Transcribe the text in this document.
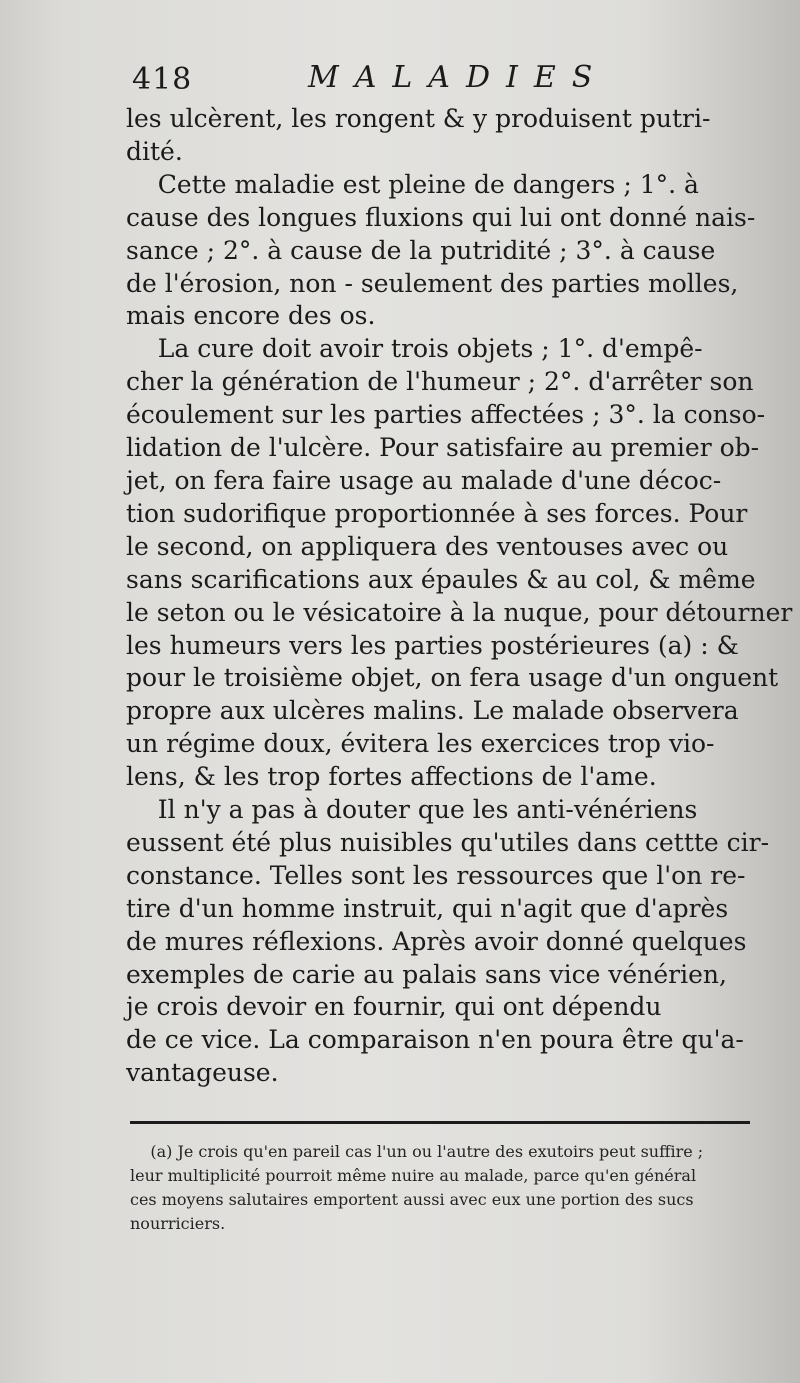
418	MALADIES
les ulcèrent, les rongent & y produisent putri-
dité.
Cette maladie est pleine de dangers ; 1°. à
cause des longues fluxions qui lui ont donné nais-
sance ; 2°. à cause de la putridité ; 3°. à cause
de l'érosion, non - seulement des parties molles,
mais encore des os.
La cure doit avoir trois objets ; 1°. d'empê-
cher la génération de l'humeur ; 2°. d'arrêter son
écoulement sur les parties affectées ; 3°. la conso-
lidation de l'ulcère. Pour satisfaire au premier ob-
jet, on fera faire usage au malade d'une décoc-
tion sudorifique proportionnée à ses forces. Pour
le second, on appliquera des ventouses avec ou
sans scarifications aux épaules & au col, & même
le seton ou le vésicatoire à la nuque, pour détourner
les humeurs vers les parties postérieures (a) : &
pour le troisième objet, on fera usage d'un onguent
propre aux ulcères malins. Le malade observera
un régime doux, évitera les exercices trop vio-
lens, & les trop fortes affections de l'ame.
Il n'y a pas à douter que les anti-vénériens
eussent été plus nuisibles qu'utiles dans cettte cir-
constance. Telles sont les ressources que l'on re-
tire d'un homme instruit, qui n'agit que d'après
de mures réflexions. Après avoir donné quelques
exemples de carie au palais sans vice vénérien,
je crois devoir en fournir, qui ont dépendu
de ce vice. La comparaison n'en poura être qu'a-
vantageuse.
(a) Je crois qu'en pareil cas l'un ou l'autre des exutoirs peut suffire ;
leur multiplicité pourroit même nuire au malade, parce qu'en général
ces moyens salutaires emportent aussi avec eux une portion des sucs
nourriciers.
